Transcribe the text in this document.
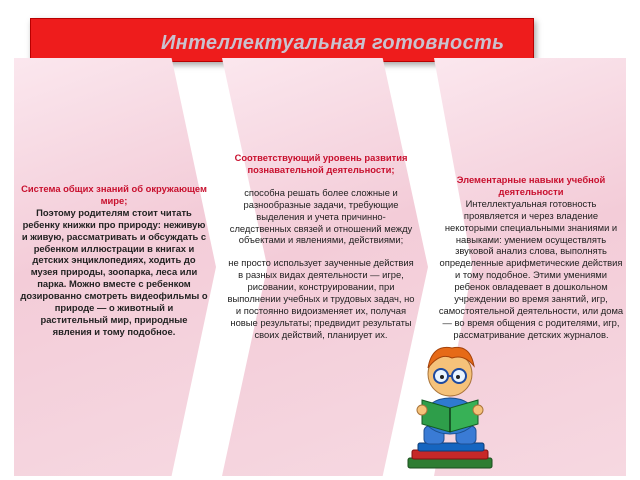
Интеллектуальная готовность
Система общих знаний об окружающем мире;
Поэтому родителям стоит читать ребенку книжки про природу: неживую и живую, рассматривать и обсуждать с ребенком иллюстрации в книгах и детских энциклопедиях, ходить до музея природы, зоопарка, леса или парка. Можно вместе с ребенком дозированно смотреть видеофильмы о природе — о животный и растительный мир, природные явления и тому подобное.

Соответствующий уровень развития познавательной деятельности;

способна решать более сложные и разнообразные задачи, требующие выделения и учета причинно-следственных связей и отношений между объектами и явлениями, действиями;

не просто использует заученные действия в разных видах деятельности — игре, рисовании, конструировании, при выполнении учебных и трудовых задач, но и постоянно видоизменяет их, получая новые результаты; предвидит результаты своих действий, планирует их.

Элементарные навыки учебной деятельности

Интеллектуальная готовность проявляется и через владение некоторыми специальными знаниями и навыками: умением осуществлять звуковой анализ слова, выполнять определенные арифметические действия и тому подобное. Этими умениями ребенок овладевает в дошкольном учреждении во время занятий, игр, самостоятельной деятельности, или дома — во время общения с родителями, игр, рассматривание детских журналов.
